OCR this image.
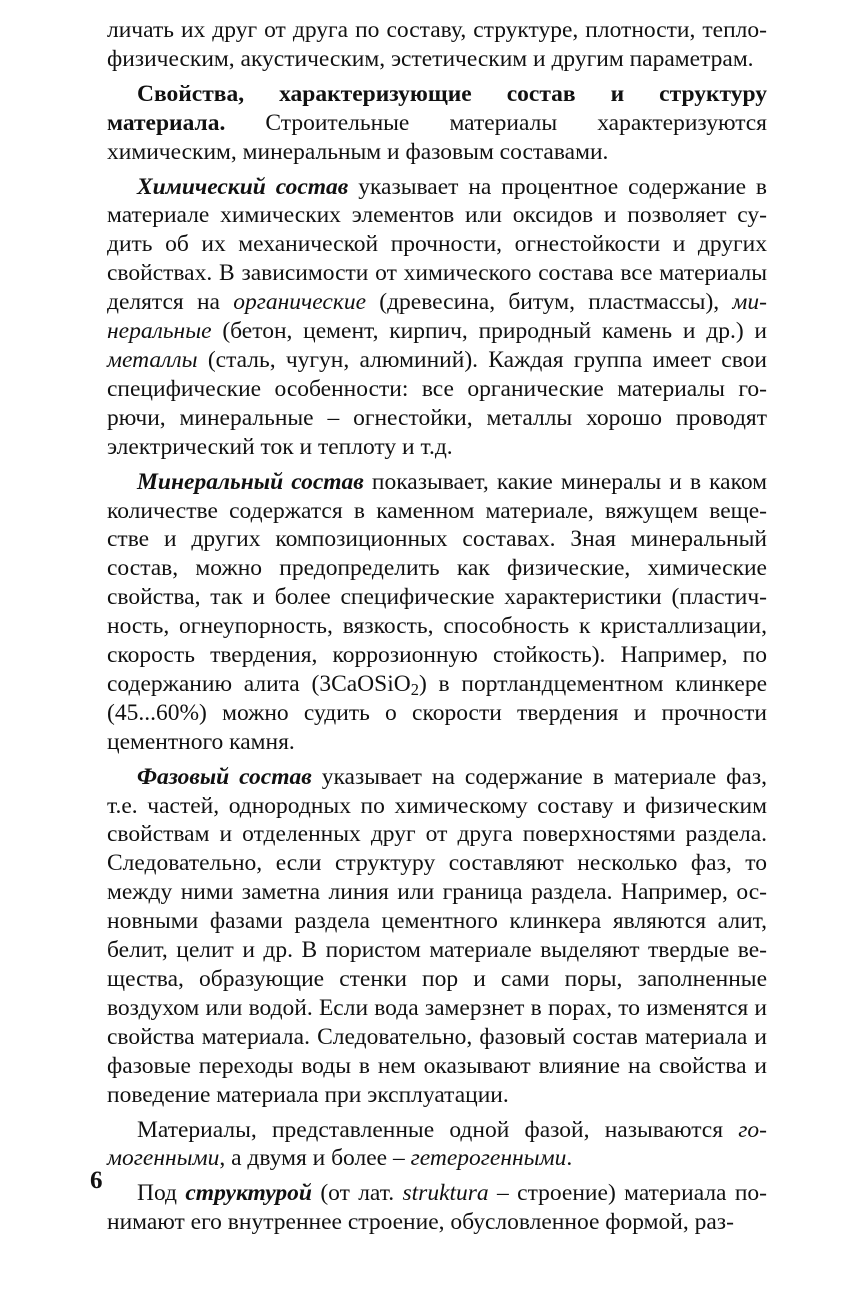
личать их друг от друга по составу, структуре, плотности, теплофизическим, акустическим, эстетическим и другим параметрам.

Свойства, характеризующие состав и структуру материала. Строительные материалы характеризуются химическим, минеральным и фазовым составами.

Химический состав указывает на процентное содержание в материале химических элементов или оксидов и позволяет судить об их механической прочности, огнестойкости и других свойствах. В зависимости от химического состава все материалы делятся на органические (древесина, битум, пластмассы), минеральные (бетон, цемент, кирпич, природный камень и др.) и металлы (сталь, чугун, алюминий). Каждая группа имеет свои специфические особенности: все органические материалы горючи, минеральные – огнестойки, металлы хорошо проводят электрический ток и теплоту и т.д.

Минеральный состав показывает, какие минералы и в каком количестве содержатся в каменном материале, вяжущем веществе и других композиционных составах. Зная минеральный состав, можно предопределить как физические, химические свойства, так и более специфические характеристики (пластичность, огнеупорность, вязкость, способность к кристаллизации, скорость твердения, коррозионную стойкость). Например, по содержанию алита (3CaOSiO$_2$) в портландцементном клинкере (45...60%) можно судить о скорости твердения и прочности цементного камня.

Фазовый состав указывает на содержание в материале фаз, т.е. частей, однородных по химическому составу и физическим свойствам и отделенных друг от друга поверхностями раздела. Следовательно, если структуру составляют несколько фаз, то между ними заметна линия или граница раздела. Например, основными фазами раздела цементного клинкера являются алит, белит, целит и др. В пористом материале выделяют твердые вещества, образующие стенки пор и сами поры, заполненные воздухом или водой. Если вода замерзнет в порах, то изменятся и свойства материала. Следовательно, фазовый состав материала и фазовые переходы воды в нем оказывают влияние на свойства и поведение материала при эксплуатации.

Материалы, представленные одной фазой, называются гомогенными, а двумя и более – гетерогенными.

Под структурой (от лат. struktura – строение) материала понимают его внутреннее строение, обусловленное формой, раз-

6
